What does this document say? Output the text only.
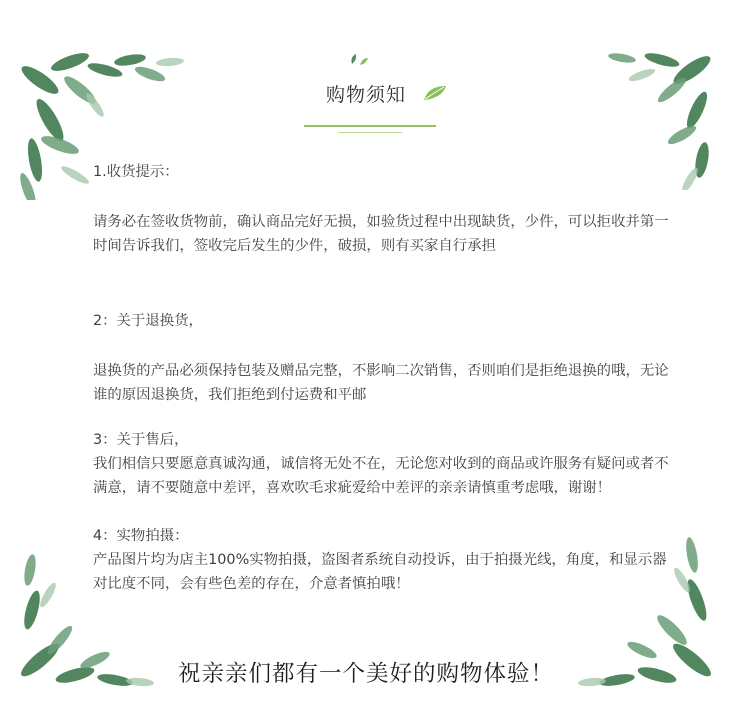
购物须知
1.收货提示：
请务必在签收货物前，确认商品完好无损，如验货过程中出现缺货，少件，可以拒收并第一时间告诉我们，签收完后发生的少件，破损，则有买家自行承担
2：关于退换货，
退换货的产品必须保持包装及赠品完整，不影响二次销售，否则咱们是拒绝退换的哦，无论谁的原因退换货，我们拒绝到付运费和平邮
3：关于售后，
我们相信只要愿意真诚沟通，诚信将无处不在，无论您对收到的商品或许服务有疑问或者不满意，请不要随意中差评，喜欢吹毛求疵爱给中差评的亲亲请慎重考虑哦，谢谢！
4：实物拍摄：
产品图片均为店主100%实物拍摄，盗图者系统自动投诉，由于拍摄光线，角度，和显示器对比度不同，会有些色差的存在，介意者慎拍哦！
祝亲亲们都有一个美好的购物体验！
